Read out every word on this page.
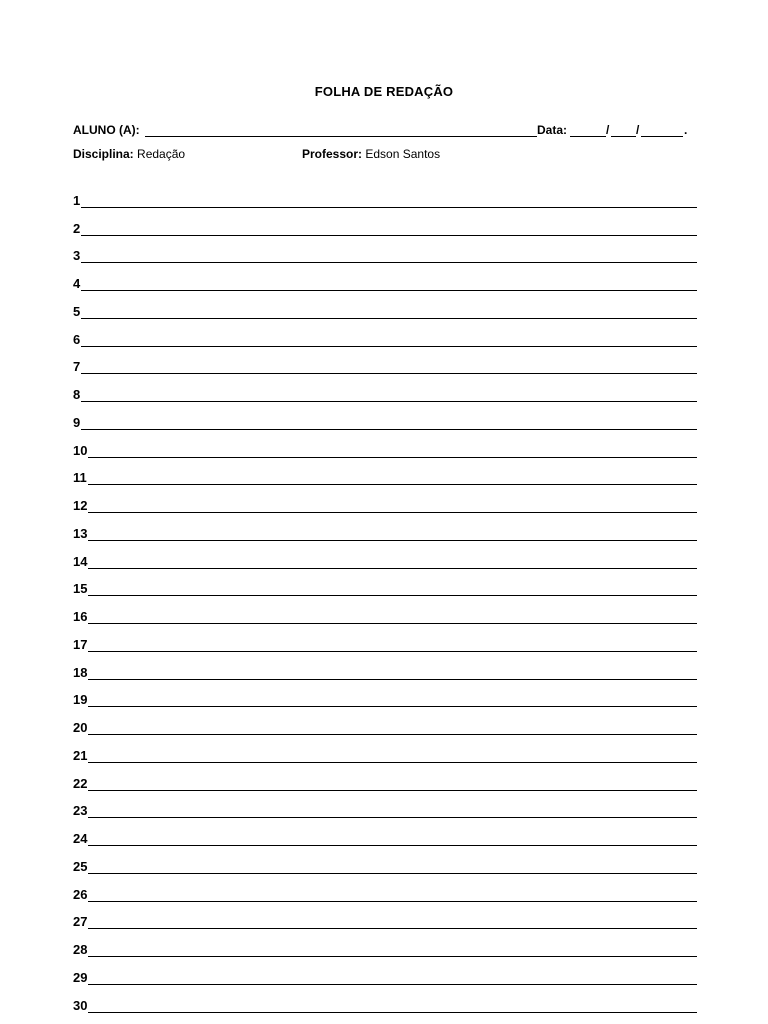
FOLHA DE REDAÇÃO
ALUNO (A):	Data:	/ /	.
Disciplina: Redação	Professor: Edson Santos
1
2
3
4
5
6
7
8
9
10
11
12
13
14
15
16
17
18
19
20
21
22
23
24
25
26
27
28
29
30
